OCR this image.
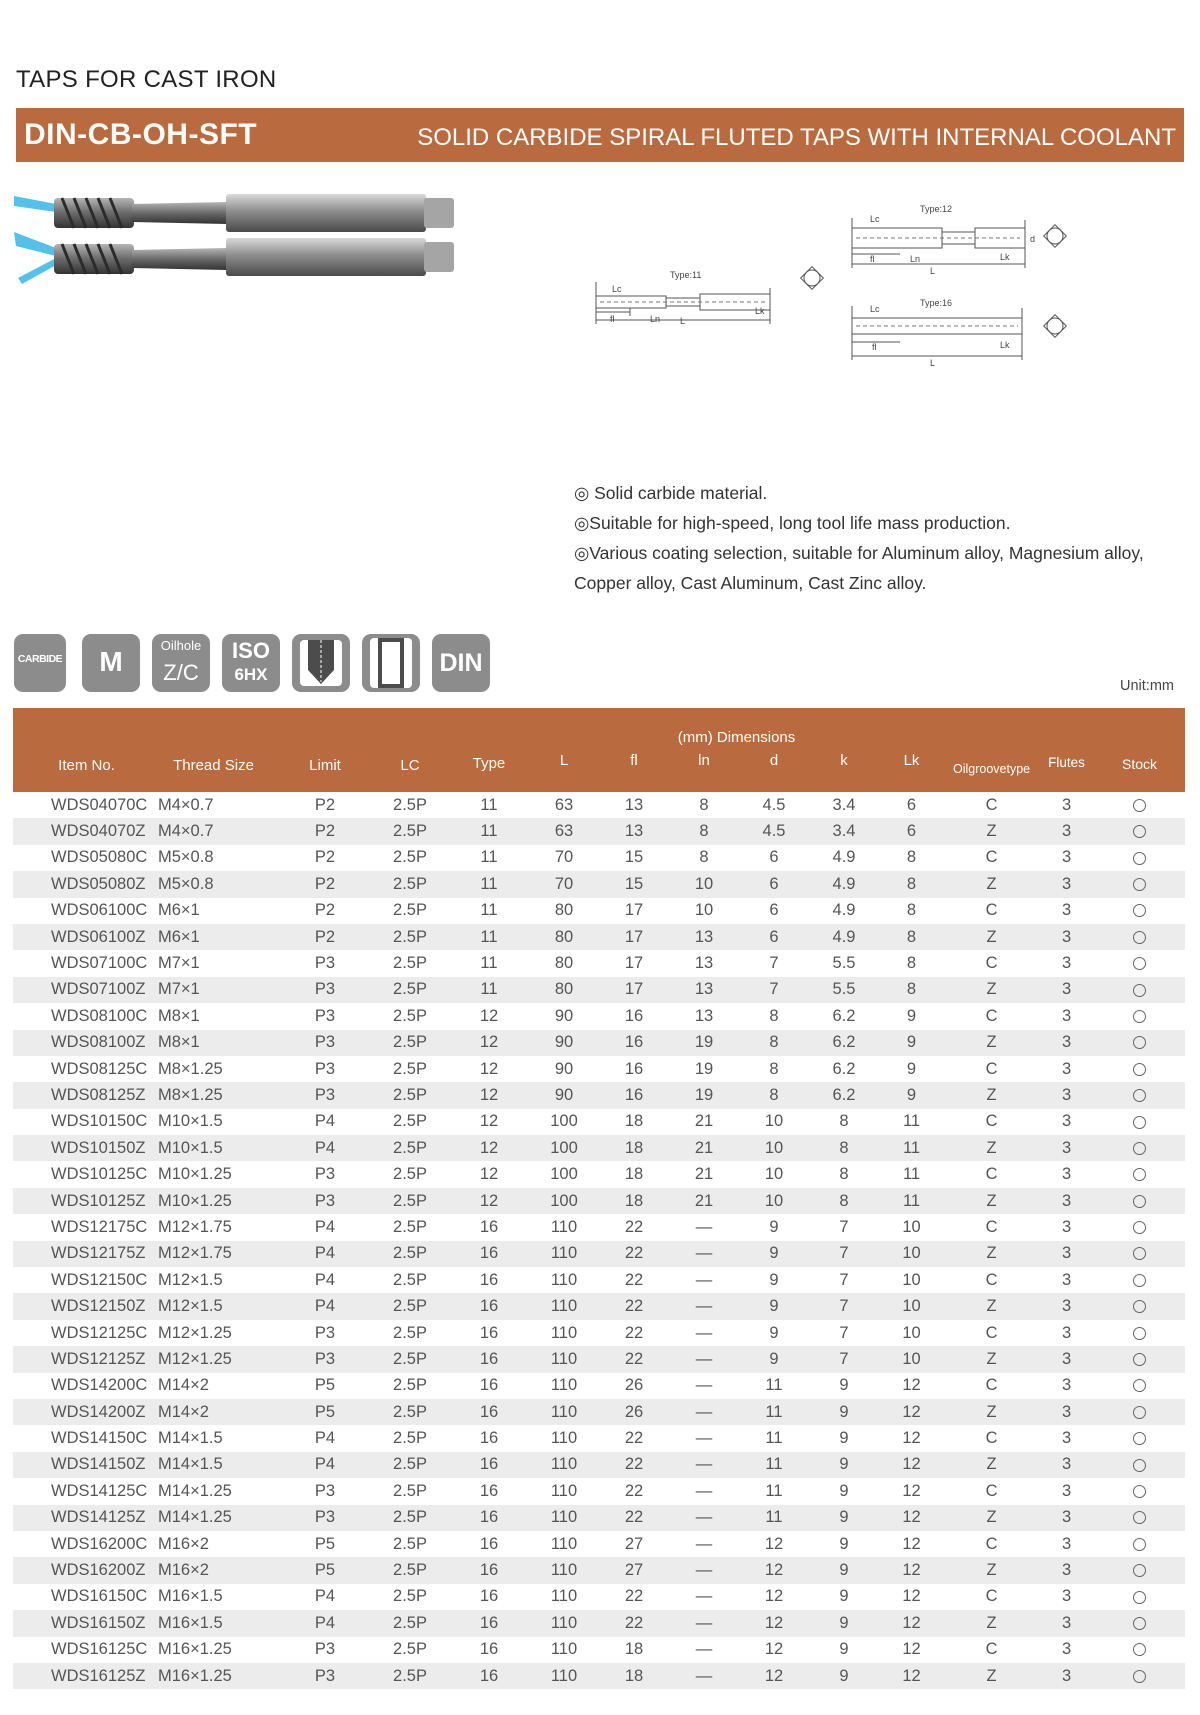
TAPS FOR CAST IRON
DIN-CB-OH-SFT	SOLID CARBIDE SPIRAL FLUTED TAPS WITH INTERNAL COOLANT
Type:11
Type:12
Type:16
Lc
fl	Ln L
Lk
Lc
fl	Ln
L
Lk
d
Lc
fl
L
Lk
◎ Solid carbide material.
◎Suitable for high-speed, long tool life mass production.
◎Various coating selection, suitable for Aluminum alloy, Magnesium alloy, Copper alloy, Cast Aluminum, Cast Zinc alloy.
CARBIDE	M
Oilhole
Z/C
ISO
6HX	DIN
Unit:mm
Item No.	Thread Size	Limit	LC	Type	(mm) Dimensions						Oilgroovetype	Flutes	Stock
					L	fl	ln	d	k	Lk			
WDS04070C	M4×0.7	P2	2.5P	11	63	13	8	4.5	3.4	6	C	3	
WDS04070Z	M4×0.7	P2	2.5P	11	63	13	8	4.5	3.4	6	Z	3	
WDS05080C	M5×0.8	P2	2.5P	11	70	15	8	6	4.9	8	C	3	
WDS05080Z	M5×0.8	P2	2.5P	11	70	15	10	6	4.9	8	Z	3	
WDS06100C	M6×1	P2	2.5P	11	80	17	10	6	4.9	8	C	3	
WDS06100Z	M6×1	P2	2.5P	11	80	17	13	6	4.9	8	Z	3	
WDS07100C	M7×1	P3	2.5P	11	80	17	13	7	5.5	8	C	3	
WDS07100Z	M7×1	P3	2.5P	11	80	17	13	7	5.5	8	Z	3	
WDS08100C	M8×1	P3	2.5P	12	90	16	13	8	6.2	9	C	3	
WDS08100Z	M8×1	P3	2.5P	12	90	16	19	8	6.2	9	Z	3	
WDS08125C	M8×1.25	P3	2.5P	12	90	16	19	8	6.2	9	C	3	
WDS08125Z	M8×1.25	P3	2.5P	12	90	16	19	8	6.2	9	Z	3	
WDS10150C	M10×1.5	P4	2.5P	12	100	18	21	10	8	11	C	3	
WDS10150Z	M10×1.5	P4	2.5P	12	100	18	21	10	8	11	Z	3	
WDS10125C	M10×1.25	P3	2.5P	12	100	18	21	10	8	11	C	3	
WDS10125Z	M10×1.25	P3	2.5P	12	100	18	21	10	8	11	Z	3	
WDS12175C	M12×1.75	P4	2.5P	16	110	22	—	9	7	10	C	3	
WDS12175Z	M12×1.75	P4	2.5P	16	110	22	—	9	7	10	Z	3	
WDS12150C	M12×1.5	P4	2.5P	16	110	22	—	9	7	10	C	3	
WDS12150Z	M12×1.5	P4	2.5P	16	110	22	—	9	7	10	Z	3	
WDS12125C	M12×1.25	P3	2.5P	16	110	22	—	9	7	10	C	3	
WDS12125Z	M12×1.25	P3	2.5P	16	110	22	—	9	7	10	Z	3	
WDS14200C	M14×2	P5	2.5P	16	110	26	—	11	9	12	C	3	
WDS14200Z	M14×2	P5	2.5P	16	110	26	—	11	9	12	Z	3	
WDS14150C	M14×1.5	P4	2.5P	16	110	22	—	11	9	12	C	3	
WDS14150Z	M14×1.5	P4	2.5P	16	110	22	—	11	9	12	Z	3	
WDS14125C	M14×1.25	P3	2.5P	16	110	22	—	11	9	12	C	3	
WDS14125Z	M14×1.25	P3	2.5P	16	110	22	—	11	9	12	Z	3	
WDS16200C	M16×2	P5	2.5P	16	110	27	—	12	9	12	C	3	
WDS16200Z	M16×2	P5	2.5P	16	110	27	—	12	9	12	Z	3	
WDS16150C	M16×1.5	P4	2.5P	16	110	22	—	12	9	12	C	3	
WDS16150Z	M16×1.5	P4	2.5P	16	110	22	—	12	9	12	Z	3	
WDS16125C	M16×1.25	P3	2.5P	16	110	18	—	12	9	12	C	3	
WDS16125Z	M16×1.25	P3	2.5P	16	110	18	—	12	9	12	Z	3	
